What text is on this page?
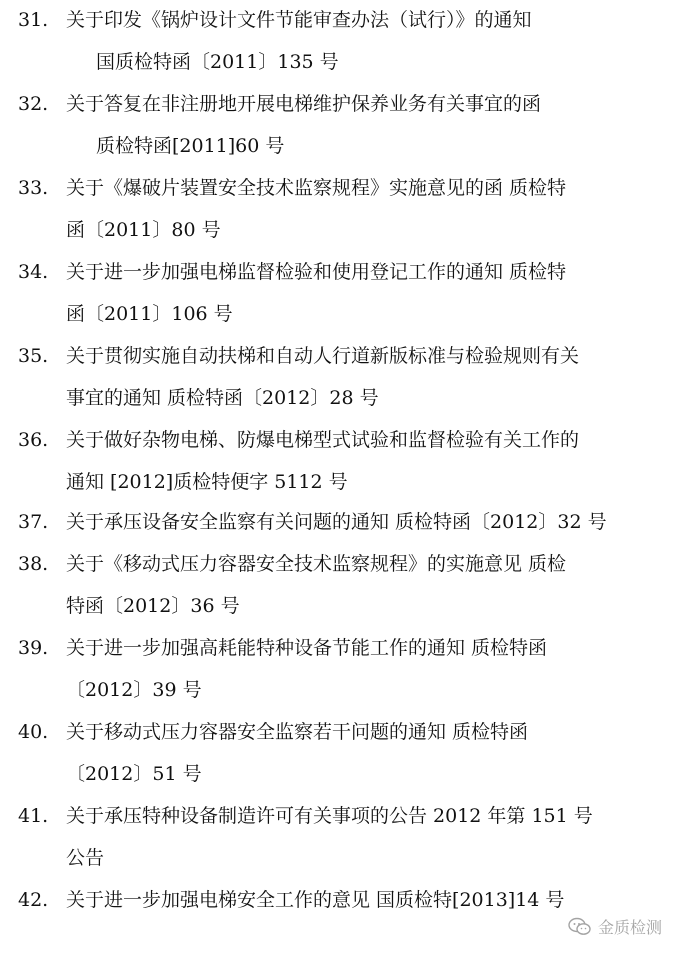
31. 关于印发《锅炉设计文件节能审查办法（试行）》的通知
国质检特函〔2011〕135 号
32. 关于答复在非注册地开展电梯维护保养业务有关事宜的函
质检特函[2011]60 号
33. 关于《爆破片装置安全技术监察规程》实施意见的函 质检特
函〔2011〕80 号
34. 关于进一步加强电梯监督检验和使用登记工作的通知 质检特
函〔2011〕106 号
35. 关于贯彻实施自动扶梯和自动人行道新版标准与检验规则有关
事宜的通知 质检特函〔2012〕28 号
36. 关于做好杂物电梯、防爆电梯型式试验和监督检验有关工作的
通知 [2012]质检特便字 5112 号
37. 关于承压设备安全监察有关问题的通知 质检特函〔2012〕32 号
38. 关于《移动式压力容器安全技术监察规程》的实施意见 质检
特函〔2012〕36 号
39. 关于进一步加强高耗能特种设备节能工作的通知 质检特函
〔2012〕39 号
40. 关于移动式压力容器安全监察若干问题的通知 质检特函
〔2012〕51 号
41. 关于承压特种设备制造许可有关事项的公告 2012 年第 151 号
公告
42. 关于进一步加强电梯安全工作的意见 国质检特[2013]14 号
金质检测
